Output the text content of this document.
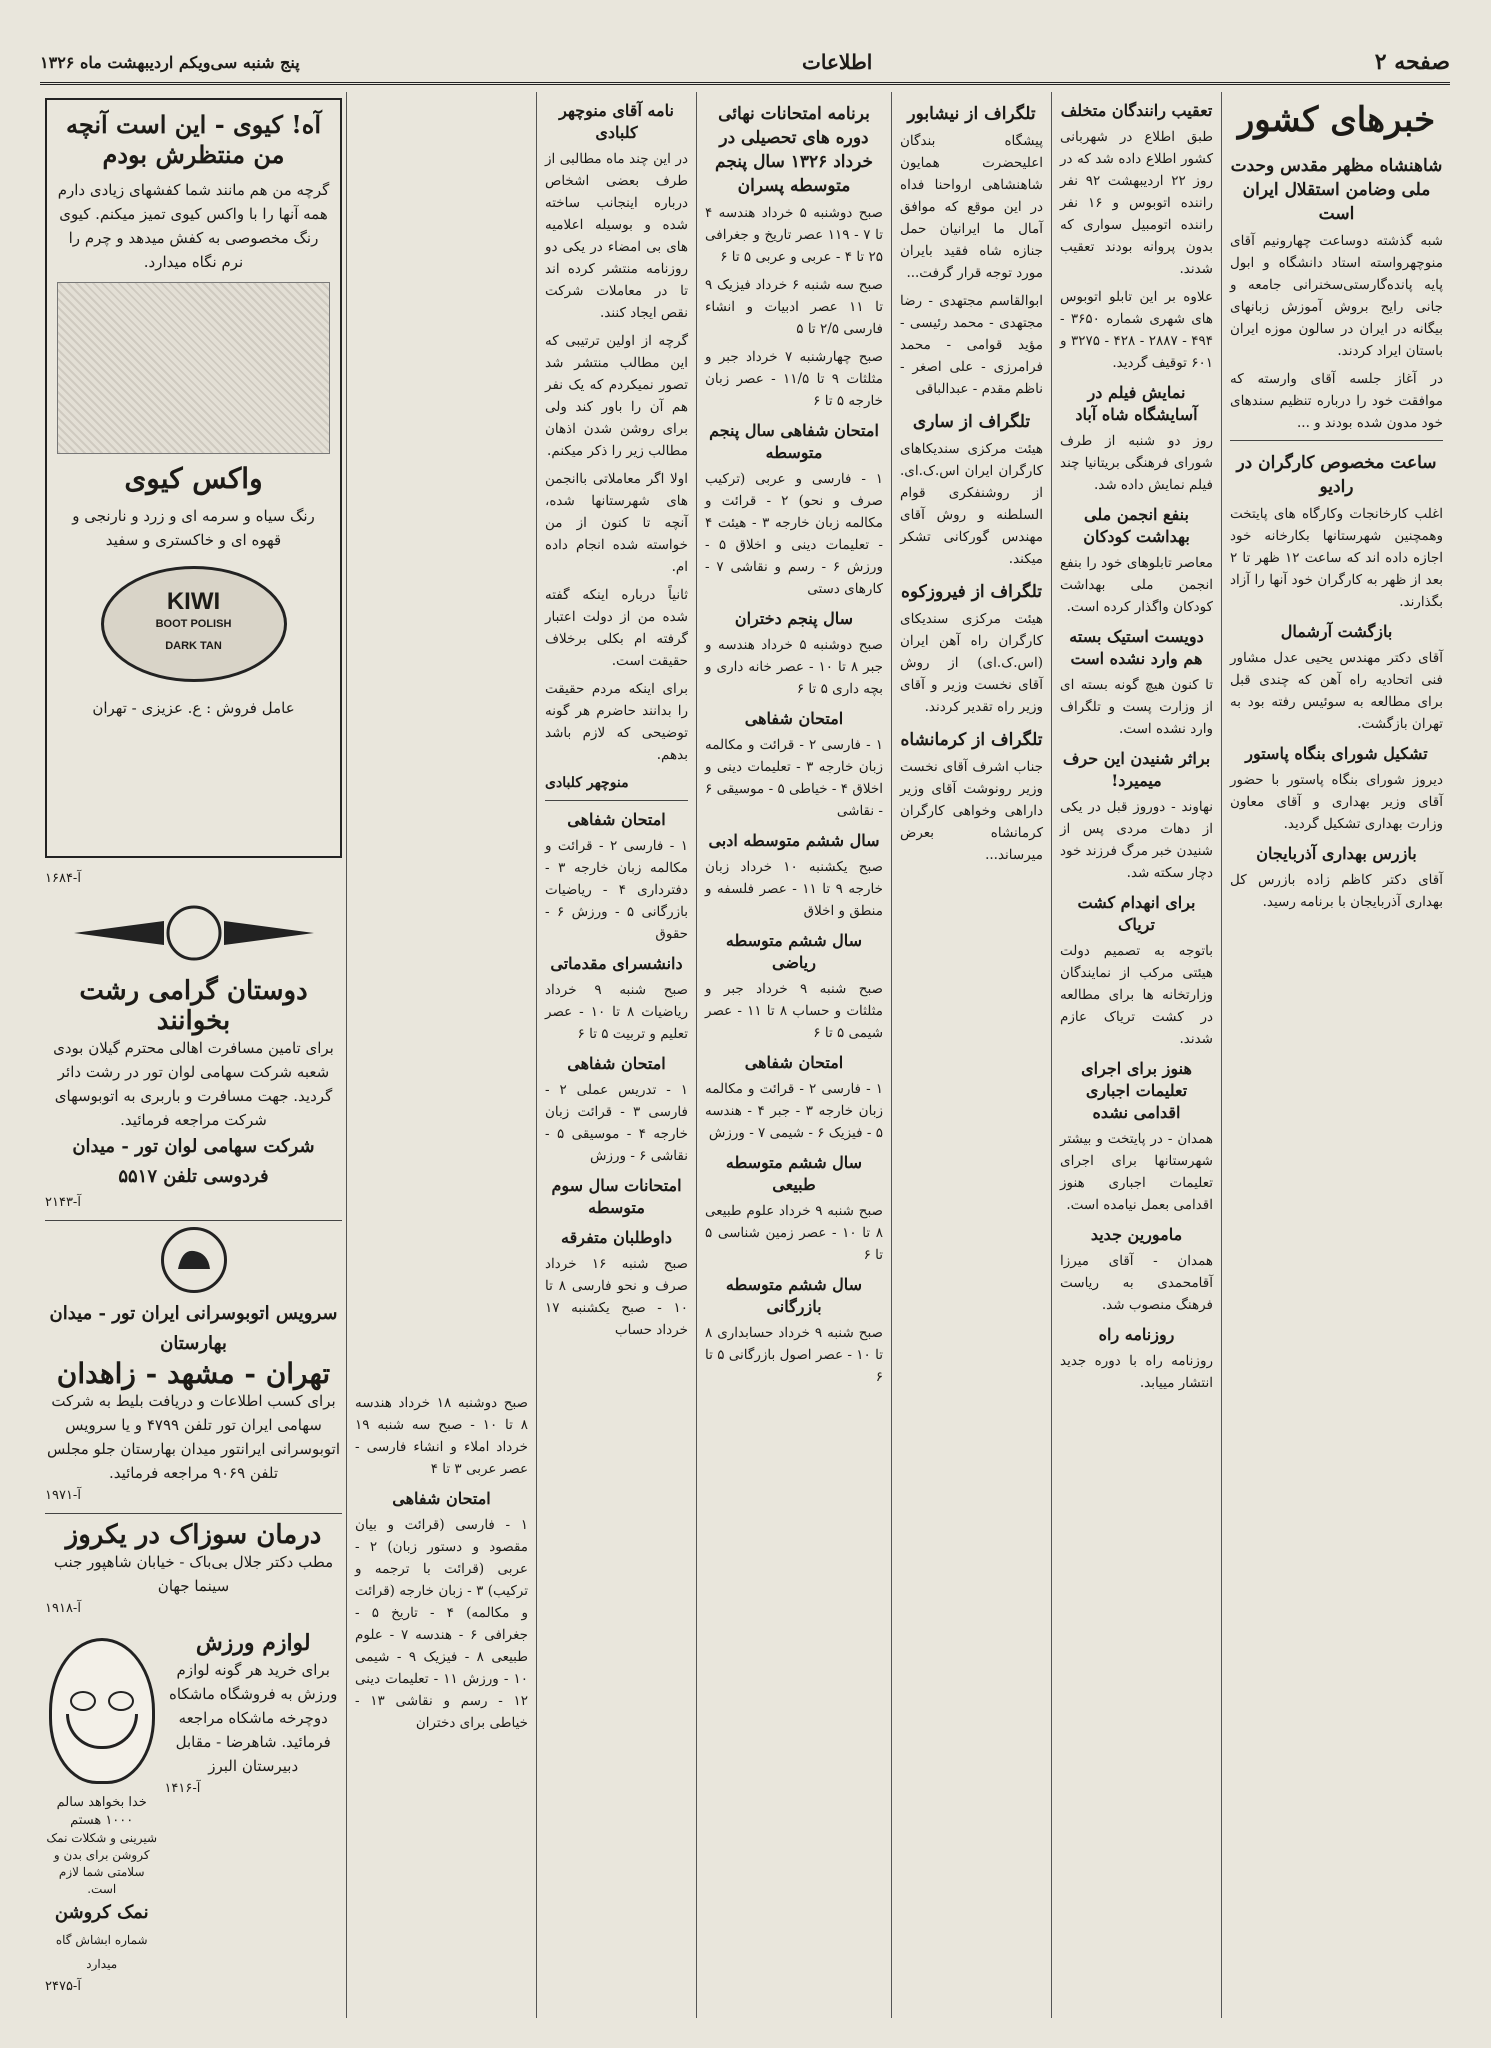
صفحه ۲
اطلاعات
پنج شنبه سی‌ویکم اردیبهشت ماه ۱۳۲۶
خبرهای کشور
شاهنشاه مظهر مقدس وحدت ملی وضامن استقلال ایران است

شبه گذشته دوساعت چهارونیم آقای منوچهرواسته استاد دانشگاه و ابول پایه پانده‌گارستی‌سخنرانی جامعه و جانی رایح بروش آموزش زبانهای بیگانه در ایران در سالون موزه ایران باستان ایراد کردند.

در آغاز جلسه آقای وارسته که موافقت خود را درباره تنظیم سندهای خود مدون شده بودند و ...

ساعت مخصوص کارگران در رادیو

اغلب کارخانجات وکارگاه های پایتخت وهمچنین شهرستانها بکارخانه خود اجازه داده اند که ساعت ۱۲ ظهر تا ۲ بعد از ظهر به کارگران خود آنها را آزاد بگذارند.

بازگشت آرشمال

آقای دکتر مهندس یحیی عدل مشاور فنی اتحادیه راه آهن که چندی قبل برای مطالعه به سوئیس رفته بود به تهران بازگشت.

تشکیل شورای بنگاه پاستور

دیروز شورای بنگاه پاستور با حضور آقای وزیر بهداری و آقای معاون وزارت بهداری تشکیل گردید.

بازرس بهداری آذربایجان

آقای دکتر کاظم زاده بازرس کل بهداری آذربایجان با برنامه رسید.

تعقیب رانندگان متخلف

طبق اطلاع در شهربانی کشور اطلاع داده شد که در روز ۲۲ اردیبهشت ۹۲ نفر راننده اتوبوس و ۱۶ نفر راننده اتومبیل سواری که بدون پروانه بودند تعقیب شدند.

علاوه بر این تابلو اتوبوس های شهری شماره ۳۶۵۰ - ۴۹۴ - ۲۸۸۷ - ۴۲۸ - ۳۲۷۵ و ۶۰۱ توقیف گردید.

نمایش فیلم در آسایشگاه شاه آباد

روز دو شنبه از طرف شورای فرهنگی بریتانیا چند فیلم نمایش داده شد.

بنفع انجمن ملی بهداشت کودکان

معاصر تابلوهای خود را بنفع انجمن ملی بهداشت کودکان واگذار کرده است.

دویست استیک بسته هم وارد نشده است

تا کنون هیچ گونه بسته ای از وزارت پست و تلگراف وارد نشده است.

براثر شنیدن این حرف میمیرد!

نهاوند - دوروز قبل در یکی از دهات مردی پس از شنیدن خبر مرگ فرزند خود دچار سکته شد.

برای انهدام کشت تریاک

باتوجه به تصمیم دولت هیئتی مرکب از نمایندگان وزارتخانه ها برای مطالعه در کشت تریاک عازم شدند.

هنوز برای اجرای تعلیمات اجباری اقدامی نشده

همدان - در پایتخت و بیشتر شهرستانها برای اجرای تعلیمات اجباری هنوز اقدامی بعمل نیامده است.

مامورین جدید

همدان - آقای میرزا آقامحمدی به ریاست فرهنگ منصوب شد.

روزنامه راه

روزنامه راه با دوره جدید انتشار مییابد.

تلگراف از نیشابور

پیشگاه بندگان اعلیحضرت همایون شاهنشاهی ارواحنا فداه در این موقع که موافق آمال ما ایرانیان حمل جنازه شاه فقید بایران مورد توجه قرار گرفت...

ابوالقاسم مجتهدی - رضا مجتهدی - محمد رئیسی - مؤید قوامی - محمد فرامرزی - علی اصغر - ناظم مقدم - عبدالباقی

تلگراف از ساری

هیئت مرکزی سندیکاهای کارگران ایران اس.ک.ای. از روشنفکری قوام السلطنه و روش آقای مهندس گورکانی تشکر میکند.

تلگراف از فیروزکوه

هیئت مرکزی سندیکای کارگران راه آهن ایران (اس.ک.ای) از روش آقای نخست وزیر و آقای وزیر راه تقدیر کردند.

تلگراف از کرمانشاه

جناب اشرف آقای نخست وزیر رونوشت آقای وزیر داراهی وخواهی کارگران کرمانشاه بعرض میرساند...

برنامه امتحانات نهائی دوره های تحصیلی در خرداد ۱۳۲۶ سال پنجم متوسطه پسران

صبح دوشنبه ۵ خرداد هندسه ۴ تا ۷ - ۱۱۹ عصر تاریخ و جغرافی ۲۵ تا ۴ - عربی و عربی ۵ تا ۶

صبح سه شنبه ۶ خرداد فیزیک ۹ تا ۱۱ عصر ادبیات و انشاء فارسی ۲/۵ تا ۵

صبح چهارشنبه ۷ خرداد جبر و مثلثات ۹ تا ۱۱/۵ - عصر زبان خارجه ۵ تا ۶

امتحان شفاهی سال پنجم متوسطه

۱ - فارسی و عربی (ترکیب صرف و نحو) ۲ - قرائت و مکالمه زبان خارجه ۳ - هیئت ۴ - تعلیمات دینی و اخلاق ۵ - ورزش ۶ - رسم و نقاشی ۷ - کارهای دستی

سال پنجم دختران

صبح دوشنبه ۵ خرداد هندسه و جبر ۸ تا ۱۰ - عصر خانه داری و بچه داری ۵ تا ۶

امتحان شفاهی

۱ - فارسی ۲ - قرائت و مکالمه زبان خارجه ۳ - تعلیمات دینی و اخلاق ۴ - خیاطی ۵ - موسیقی ۶ - نقاشی

سال ششم متوسطه ادبی

صبح یکشنبه ۱۰ خرداد زبان خارجه ۹ تا ۱۱ - عصر فلسفه و منطق و اخلاق

سال ششم متوسطه ریاضی

صبح شنبه ۹ خرداد جبر و مثلثات و حساب ۸ تا ۱۱ - عصر شیمی ۵ تا ۶

امتحان شفاهی

۱ - فارسی ۲ - قرائت و مکالمه زبان خارجه ۳ - جبر ۴ - هندسه ۵ - فیزیک ۶ - شیمی ۷ - ورزش

سال ششم متوسطه طبیعی

صبح شنبه ۹ خرداد علوم طبیعی ۸ تا ۱۰ - عصر زمین شناسی ۵ تا ۶

سال ششم متوسطه بازرگانی

صبح شنبه ۹ خرداد حسابداری ۸ تا ۱۰ - عصر اصول بازرگانی ۵ تا ۶

نامه آقای منوچهر کلبادی

در این چند ماه مطالبی از طرف بعضی اشخاص درباره اینجانب ساخته شده و بوسیله اعلامیه های بی امضاء در یکی دو روزنامه منتشر کرده اند تا در معاملات شرکت نقص ایجاد کنند.

گرچه از اولین ترتیبی که این مطالب منتشر شد تصور نمیکردم که یک نفر هم آن را باور کند ولی برای روشن شدن اذهان مطالب زیر را ذکر میکنم.

اولا اگر معاملاتی باانجمن های شهرستانها شده، آنچه تا کنون از من خواسته شده انجام داده ام.

ثانیاً درباره اینکه گفته شده من از دولت اعتبار گرفته ام بکلی برخلاف حقیقت است.

برای اینکه مردم حقیقت را بدانند حاضرم هر گونه توضیحی که لازم باشد بدهم.

منوچهر کلبادی
امتحان شفاهی

۱ - فارسی ۲ - قرائت و مکالمه زبان خارجه ۳ - دفترداری ۴ - ریاضیات بازرگانی ۵ - ورزش ۶ - حقوق

دانشسرای مقدماتی

صبح شنبه ۹ خرداد ریاضیات ۸ تا ۱۰ - عصر تعلیم و تربیت ۵ تا ۶

امتحان شفاهی

۱ - تدریس عملی ۲ - فارسی ۳ - قرائت زبان خارجه ۴ - موسیقی ۵ - نقاشی ۶ - ورزش

امتحانات سال سوم متوسطه
داوطلبان متفرقه

صبح شنبه ۱۶ خرداد صرف و نحو فارسی ۸ تا ۱۰ - صبح یکشنبه ۱۷ خرداد حساب

صبح دوشنبه ۱۸ خرداد هندسه ۸ تا ۱۰ - صبح سه شنبه ۱۹ خرداد املاء و انشاء فارسی - عصر عربی ۳ تا ۴

امتحان شفاهی

۱ - فارسی (قرائت و بیان مقصود و دستور زبان) ۲ - عربی (قرائت با ترجمه و ترکیب) ۳ - زبان خارجه (قرائت و مکالمه) ۴ - تاریخ ۵ - جغرافی ۶ - هندسه ۷ - علوم طبیعی ۸ - فیزیک ۹ - شیمی ۱۰ - ورزش ۱۱ - تعلیمات دینی ۱۲ - رسم و نقاشی ۱۳ - خیاطی برای دختران

آه! کیوی - این است آنچه من منتظرش بودم
گرچه من هم مانند شما کفشهای زیادی دارم همه آنها را با واکس کیوی تمیز میکنم. کیوی رنگ مخصوصی به کفش میدهد و چرم را نرم نگاه میدارد.
واکس کیوی
رنگ سیاه و سرمه ای و زرد و نارنجی و قهوه ای و خاکستری و سفید
KIWI
BOOT POLISH
DARK TAN
عامل فروش : ع. عزیزی - تهران
۱۶۸۴-آ
دوستان گرامی رشت بخوانند
برای تامین مسافرت اهالی محترم گیلان بودی شعبه شرکت سهامی لوان تور در رشت دائر گردید. جهت مسافرت و باربری به اتوبوسهای شرکت مراجعه فرمائید.
شرکت سهامی لوان تور - میدان فردوسی تلفن ۵۵۱۷
۲۱۴۳-آ
سرویس اتوبوسرانی ایران تور - میدان بهارستان
تهران - مشهد - زاهدان
برای کسب اطلاعات و دریافت بلیط به شرکت سهامی ایران تور تلفن ۴۷۹۹ و یا سرویس اتوبوسرانی ایرانتور میدان بهارستان جلو مجلس تلفن ۹۰۶۹ مراجعه فرمائید.
۱۹۷۱-آ
درمان سوزاک در یکروز
مطب دکتر جلال بی‌باک - خیابان شاهپور جنب سینما جهان
۱۹۱۸-آ
لوازم ورزش
برای خرید هر گونه لوازم ورزش به فروشگاه ماشکاه دوچرخه ماشکاه مراجعه فرمائید. شاهرضا - مقابل دبیرستان البرز
۱۴۱۶-آ
خدا بخواهد سالم ۱۰۰۰ هستم
شیرینی و شکلات نمک کروشن برای بدن و سلامتی شما لازم است.
نمک کروشن
شماره ابشاش گاه میدارد
۲۴۷۵-آ
